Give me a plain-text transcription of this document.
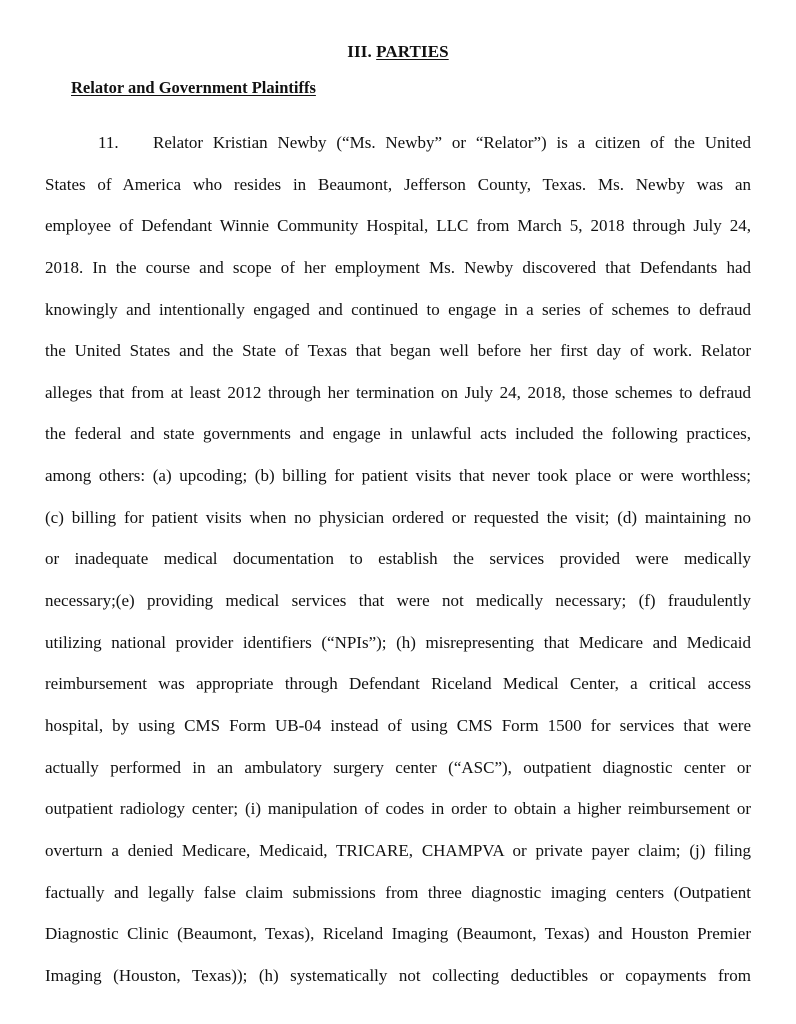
III. PARTIES
Relator and Government Plaintiffs
11.	Relator Kristian Newby (“Ms. Newby” or “Relator”) is a citizen of the United
States of America who resides in Beaumont, Jefferson County, Texas. Ms. Newby was an
employee of Defendant Winnie Community Hospital, LLC from March 5, 2018 through July 24,
2018. In the course and scope of her employment Ms. Newby discovered that Defendants had
knowingly and intentionally engaged and continued to engage in a series of schemes to defraud
the United States and the State of Texas that began well before her first day of work. Relator
alleges that from at least 2012 through her termination on July 24, 2018, those schemes to defraud
the federal and state governments and engage in unlawful acts included the following practices,
among others: (a) upcoding; (b) billing for patient visits that never took place or were worthless;
(c) billing for patient visits when no physician ordered or requested the visit; (d) maintaining no
or inadequate medical documentation to establish the services provided were medically
necessary;(e) providing medical services that were not medically necessary; (f) fraudulently
utilizing national provider identifiers (“NPIs”); (h) misrepresenting that Medicare and Medicaid
reimbursement was appropriate through Defendant Riceland Medical Center, a critical access
hospital, by using CMS Form UB-04 instead of using CMS Form 1500 for services that were
actually performed in an ambulatory surgery center (“ASC”), outpatient diagnostic center or
outpatient radiology center; (i) manipulation of codes in order to obtain a higher reimbursement or
overturn a denied Medicare, Medicaid, TRICARE, CHAMPVA or private payer claim; (j) filing
factually and legally false claim submissions from three diagnostic imaging centers (Outpatient
Diagnostic Clinic (Beaumont, Texas), Riceland Imaging (Beaumont, Texas) and Houston Premier
Imaging (Houston, Texas)); (h) systematically not collecting deductibles or copayments from
